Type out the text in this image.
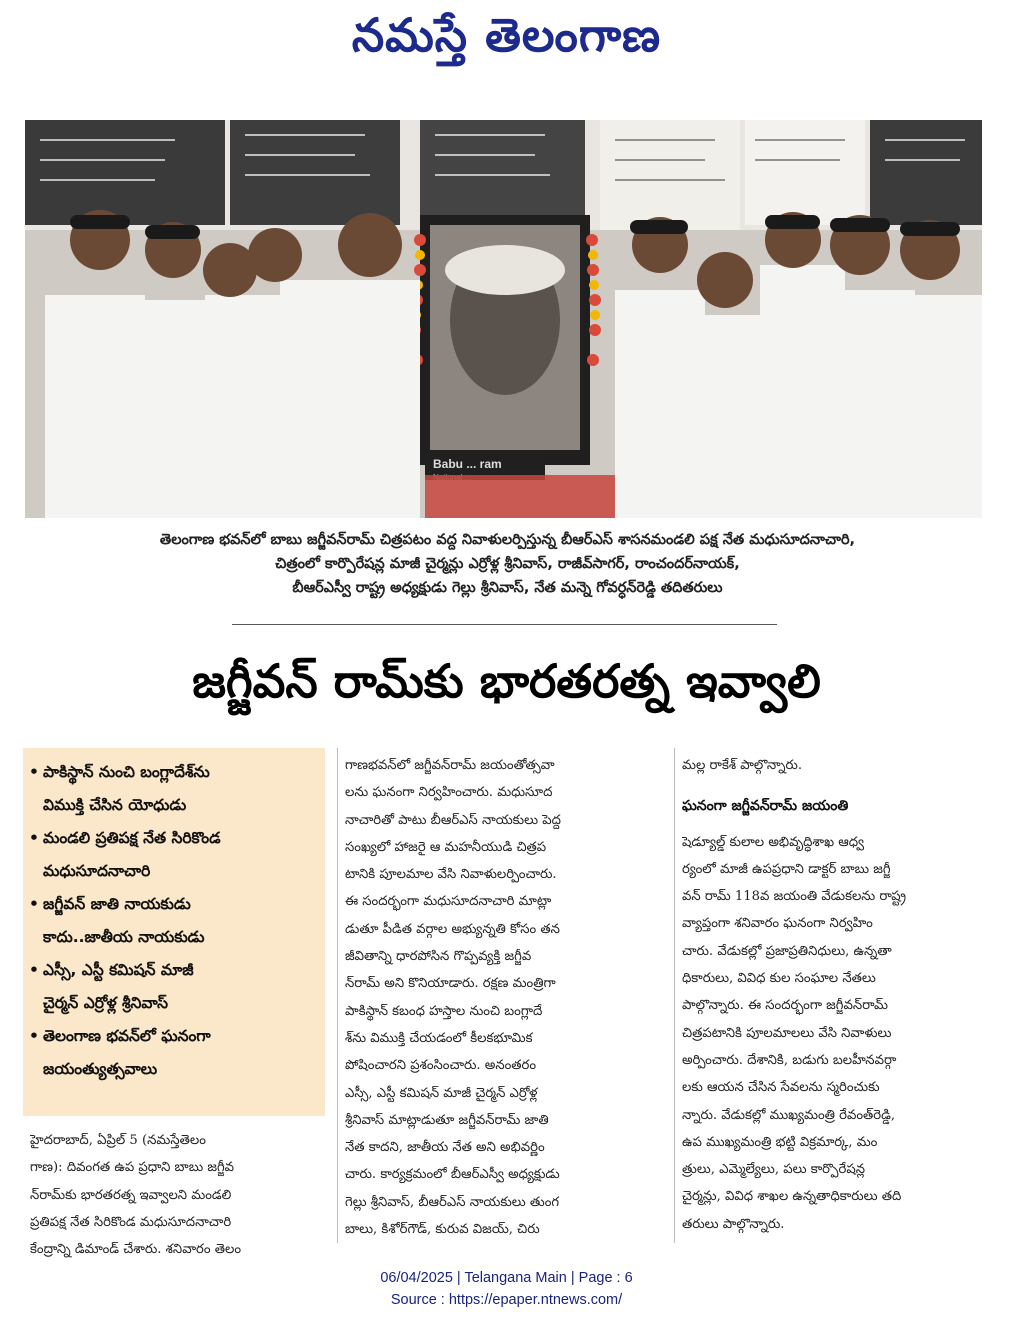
నమస్తే తెలంగాణ
Babu ... ram
తెలంగాణ భవన్‌లో బాబు జగ్జీవన్‌రామ్ చిత్రపటం వద్ద నివాళులర్పిస్తున్న బీఆర్‌ఎస్ శాసనమండలి పక్ష నేత మధుసూదనాచారి,
చిత్రంలో కార్పొరేషన్ల మాజీ చైర్మన్లు ఎర్రోళ్ల శ్రీనివాస్, రాజీవ్‌సాగర్, రాంచందర్‌నాయక్,
బీఆర్‌ఎస్వీ రాష్ట్ర అధ్యక్షుడు గెల్లు శ్రీనివాస్, నేత మన్నె గోవర్ధన్‌రెడ్డి తదితరులు
జగ్జీవన్ రామ్‌కు భారతరత్న ఇవ్వాలి
• పాకిస్థాన్ నుంచి బంగ్లాదేశ్‌ను
విముక్తి చేసిన యోధుడు
• మండలి ప్రతిపక్ష నేత సిరికొండ
మధుసూదనాచారి
• జగ్జీవన్ జాతి నాయకుడు
కాదు..జాతీయ నాయకుడు
• ఎస్సీ, ఎస్టీ కమిషన్ మాజీ
చైర్మన్ ఎర్రోళ్ల శ్రీనివాస్
• తెలంగాణ భవన్‌లో ఘనంగా
జయంత్యుత్సవాలు
హైదరాబాద్, ఏప్రిల్ 5 (నమస్తేతెలం
గాణ): దివంగత ఉప ప్రధాని బాబు జగ్జీవ
న్‌రామ్‌కు భారతరత్న ఇవ్వాలని మండలి
ప్రతిపక్ష నేత సిరికొండ మధుసూదనాచారి
కేంద్రాన్ని డిమాండ్ చేశారు. శనివారం తెలం
గాణభవన్‌లో జగ్జీవన్‌రామ్ జయంతోత్సవా
లను ఘనంగా నిర్వహించారు. మధుసూద
నాచారితో పాటు బీఆర్‌ఎస్ నాయకులు పెద్ద
సంఖ్యలో హాజరై ఆ మహనీయుడి చిత్రప
టానికి పూలమాల వేసి నివాళులర్పించారు.
ఈ సందర్భంగా మధుసూదనాచారి మాట్లా
డుతూ పీడిత వర్గాల అభ్యున్నతి కోసం తన
జీవితాన్ని ధారపోసిన గొప్పవ్యక్తి జగ్జీవ
న్‌రామ్ అని కొనియాడారు. రక్షణ మంత్రిగా
పాకిస్థాన్ కబంధ హస్తాల నుంచి బంగ్లాదే
శ్‌ను విముక్తి చేయడంలో కీలకభూమిక
పోషించారని ప్రశంసించారు. అనంతరం
ఎస్సీ, ఎస్టీ కమిషన్ మాజీ చైర్మన్ ఎర్రోళ్ల
శ్రీనివాస్ మాట్లాడుతూ జగ్జీవన్‌రామ్ జాతి
నేత కాదని, జాతీయ నేత అని అభివర్ణిం
చారు. కార్యక్రమంలో బీఆర్‌ఎస్వీ అధ్యక్షుడు
గెల్లు శ్రీనివాస్, బీఆర్‌ఎస్ నాయకులు తుంగ
బాలు, కిశోర్‌గౌడ్, కురువ విజయ్, చిరు
మల్ల రాకేశ్ పాల్గొన్నారు.
ఘనంగా జగ్జీవన్‌రామ్ జయంతి
షెడ్యూల్డ్ కులాల అభివృద్ధిశాఖ ఆధ్వ
ర్యంలో మాజీ ఉపప్రధాని డాక్టర్ బాబు జగ్జీ
వన్ రామ్ 118వ జయంతి వేడుకలను రాష్ట్ర
వ్యాప్తంగా శనివారం ఘనంగా నిర్వహిం
చారు. వేడుకల్లో ప్రజాప్రతినిధులు, ఉన్నతా
ధికారులు, వివిధ కుల సంఘాల నేతలు
పాల్గొన్నారు. ఈ సందర్భంగా జగ్జీవన్‌రామ్
చిత్రపటానికి పూలమాలలు వేసి నివాళులు
అర్పించారు. దేశానికి, బడుగు బలహీనవర్గా
లకు ఆయన చేసిన సేవలను స్మరించుకు
న్నారు. వేడుకల్లో ముఖ్యమంత్రి రేవంత్‌రెడ్డి,
ఉప ముఖ్యమంత్రి భట్టి విక్రమార్క, మం
త్రులు, ఎమ్మెల్యేలు, పలు కార్పొరేషన్ల
చైర్మన్లు, వివిధ శాఖల ఉన్నతాధికారులు తది
తరులు పాల్గొన్నారు.
06/04/2025 | Telangana Main | Page : 6
Source : https://epaper.ntnews.com/
